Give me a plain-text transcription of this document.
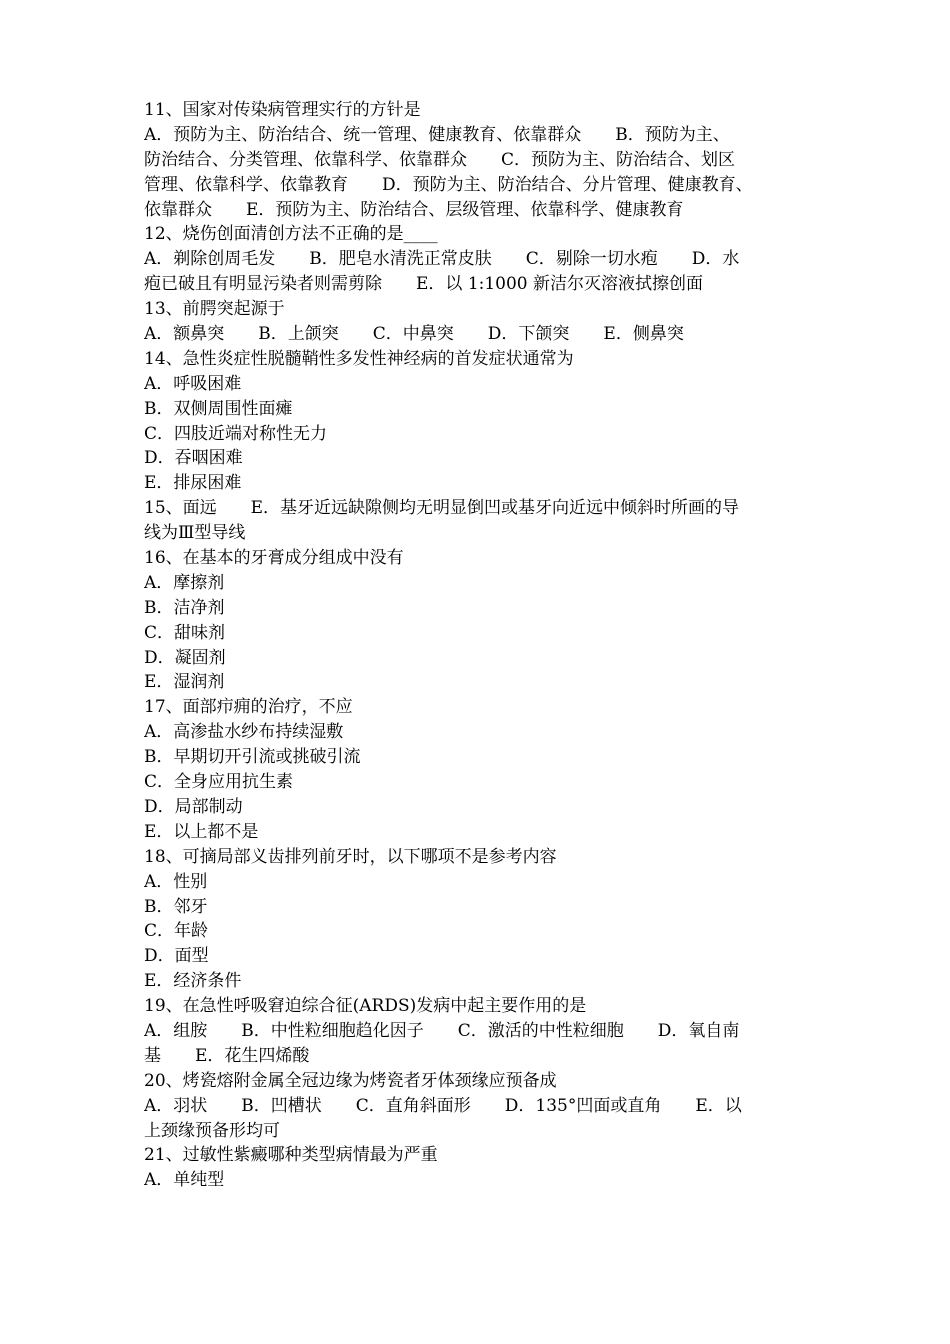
11、国家对传染病管理实行的方针是
A．预防为主、防治结合、统一管理、健康教育、依靠群众　　B．预防为主、
防治结合、分类管理、依靠科学、依靠群众　　C．预防为主、防治结合、划区
管理、依靠科学、依靠教育　　D．预防为主、防治结合、分片管理、健康教育、
依靠群众　　E．预防为主、防治结合、层级管理、依靠科学、健康教育
12、烧伤创面清创方法不正确的是____
A．剃除创周毛发　　B．肥皂水清洗正常皮肤　　C．剔除一切水疱　　D．水
疱已破且有明显污染者则需剪除　　E．以 1:1000 新洁尔灭溶液拭擦创面
13、前腭突起源于
A．额鼻突　　B．上颌突　　C．中鼻突　　D．下颌突　　E．侧鼻突
14、急性炎症性脱髓鞘性多发性神经病的首发症状通常为
A．呼吸困难
B．双侧周围性面瘫
C．四肢近端对称性无力
D．吞咽困难
E．排尿困难
15、面远　　E．基牙近远缺隙侧均无明显倒凹或基牙向近远中倾斜时所画的导
线为Ⅲ型导线
16、在基本的牙膏成分组成中没有
A．摩擦剂
B．洁净剂
C．甜味剂
D．凝固剂
E．湿润剂
17、面部疖痈的治疗，不应
A．高渗盐水纱布持续湿敷
B．早期切开引流或挑破引流
C．全身应用抗生素
D．局部制动
E．以上都不是
18、可摘局部义齿排列前牙时，以下哪项不是参考内容
A．性别
B．邻牙
C．年龄
D．面型
E．经济条件
19、在急性呼吸窘迫综合征(ARDS)发病中起主要作用的是
A．组胺　　B．中性粒细胞趋化因子　　C．激活的中性粒细胞　　D．氧自南
基　　E．花生四烯酸
20、烤瓷熔附金属全冠边缘为烤瓷者牙体颈缘应预备成
A．羽状　　B．凹槽状　　C．直角斜面形　　D．135°凹面或直角　　E．以
上颈缘预备形均可
21、过敏性紫癜哪种类型病情最为严重
A．单纯型
